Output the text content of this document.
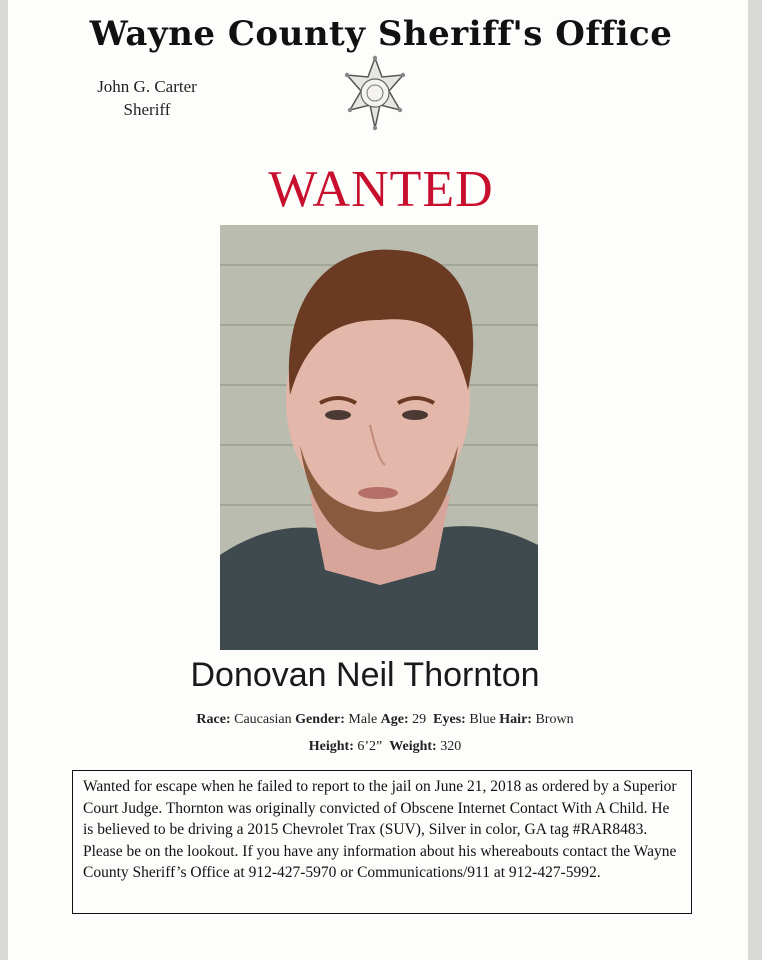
Wayne County Sheriff's Office
John G. Carter
Sheriff
WANTED
Donovan Neil Thornton
Race: Caucasian Gender: Male Age: 29 Eyes: Blue Hair: Brown
Height: 6’2” Weight: 320
Wanted for escape when he failed to report to the jail on June 21, 2018 as ordered by a Superior Court Judge. Thornton was originally convicted of Obscene Internet Contact With A Child. He is believed to be driving a 2015 Chevrolet Trax (SUV), Silver in color, GA tag #RAR8483. Please be on the lookout. If you have any information about his whereabouts contact the Wayne County Sheriff’s Office at 912-427-5970 or Communications/911 at 912-427-5992.
